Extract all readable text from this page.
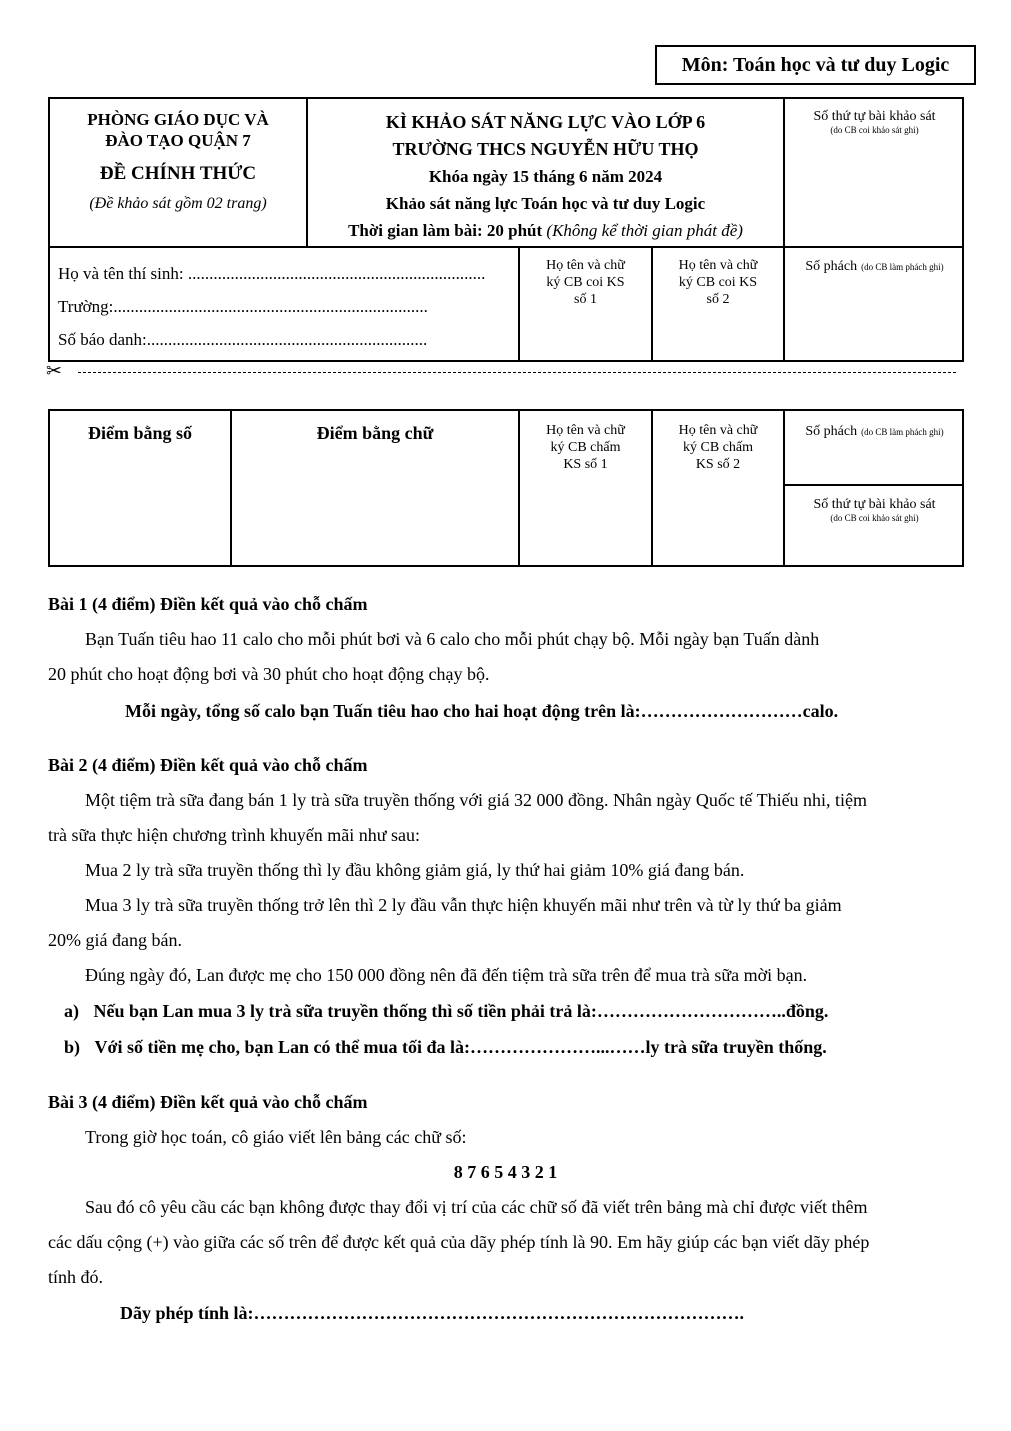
Môn: Toán học và tư duy Logic
PHÒNG GIÁO DỤC VÀ
ĐÀO TẠO QUẬN 7
ĐỀ CHÍNH THỨC
(Đề khảo sát gồm 02 trang)
KÌ KHẢO SÁT NĂNG LỰC VÀO LỚP 6
TRƯỜNG THCS NGUYỄN HỮU THỌ
Khóa ngày 15 tháng 6 năm 2024
Khảo sát năng lực Toán học và tư duy Logic
Thời gian làm bài: 20 phút (Không kể thời gian phát đề)
Số thứ tự bài khảo sát
(do CB coi khảo sát ghi)
Họ và tên thí sinh: ......................................................................
Trường:..........................................................................
Số báo danh:..................................................................
Họ tên và chữ
ký CB coi KS
số 1
Họ tên và chữ
ký CB coi KS
số 2
Số phách (do CB làm phách ghi)
✂
Điểm bằng số	Điểm bằng chữ	Họ tên và chữ
ký CB chấm
KS số 1
Họ tên và chữ
ký CB chấm
KS số 2
Số phách (do CB làm phách ghi)
Số thứ tự bài khảo sát
(do CB coi khảo sát ghi)
Bài 1 (4 điểm) Điền kết quả vào chỗ chấm
Bạn Tuấn tiêu hao 11 calo cho mỗi phút bơi và 6 calo cho mỗi phút chạy bộ. Mỗi ngày bạn Tuấn dành
20 phút cho hoạt động bơi và 30 phút cho hoạt động chạy bộ.
Mỗi ngày, tổng số calo bạn Tuấn tiêu hao cho hai hoạt động trên là:………………………calo.
Bài 2 (4 điểm) Điền kết quả vào chỗ chấm
Một tiệm trà sữa đang bán 1 ly trà sữa truyền thống với giá 32 000 đồng. Nhân ngày Quốc tế Thiếu nhi, tiệm
trà sữa thực hiện chương trình khuyến mãi như sau:
Mua 2 ly trà sữa truyền thống thì ly đầu không giảm giá, ly thứ hai giảm 10% giá đang bán.
Mua 3 ly trà sữa truyền thống trở lên thì 2 ly đầu vẫn thực hiện khuyến mãi như trên và từ ly thứ ba giảm
20% giá đang bán.
Đúng ngày đó, Lan được mẹ cho 150 000 đồng nên đã đến tiệm trà sữa trên để mua trà sữa mời bạn.
a) Nếu bạn Lan mua 3 ly trà sữa truyền thống thì số tiền phải trả là:…………………………..đồng.
b) Với số tiền mẹ cho, bạn Lan có thể mua tối đa là:…………………...……ly trà sữa truyền thống.
Bài 3 (4 điểm) Điền kết quả vào chỗ chấm
Trong giờ học toán, cô giáo viết lên bảng các chữ số:
8 7 6 5 4 3 2 1
Sau đó cô yêu cầu các bạn không được thay đổi vị trí của các chữ số đã viết trên bảng mà chỉ được viết thêm
các dấu cộng (+) vào giữa các số trên để được kết quả của dãy phép tính là 90. Em hãy giúp các bạn viết dãy phép
tính đó.
Dãy phép tính là:……………………………………………………………………….
